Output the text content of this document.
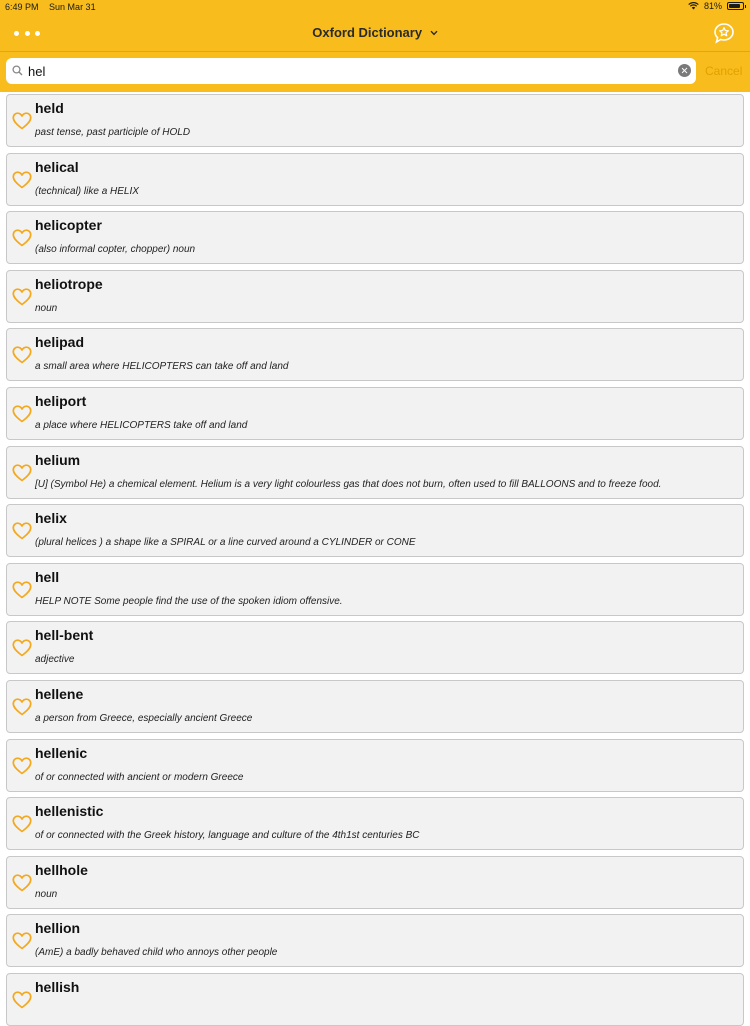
6:49 PM Sun Mar 31	81%
Oxford Dictionary
hel	Cancel
held
past tense, past participle of HOLD
helical
(technical) like a HELIX
helicopter
(also informal copter, chopper) noun
heliotrope
noun
helipad
a small area where HELICOPTERS can take off and land
heliport
a place where HELICOPTERS take off and land
helium
[U] (Symbol He) a chemical element. Helium is a very light colourless gas that does not burn, often used to fill BALLOONS and to freeze food.
helix
(plural helices ) a shape like a SPIRAL or a line curved around a CYLINDER or CONE
hell
HELP NOTE Some people find the use of the spoken idiom offensive.
hell-bent
adjective
hellene
a person from Greece, especially ancient Greece
hellenic
of or connected with ancient or modern Greece
hellenistic
of or connected with the Greek history, language and culture of the 4th1st centuries BC
hellhole
noun
hellion
(AmE) a badly behaved child who annoys other people
hellish
